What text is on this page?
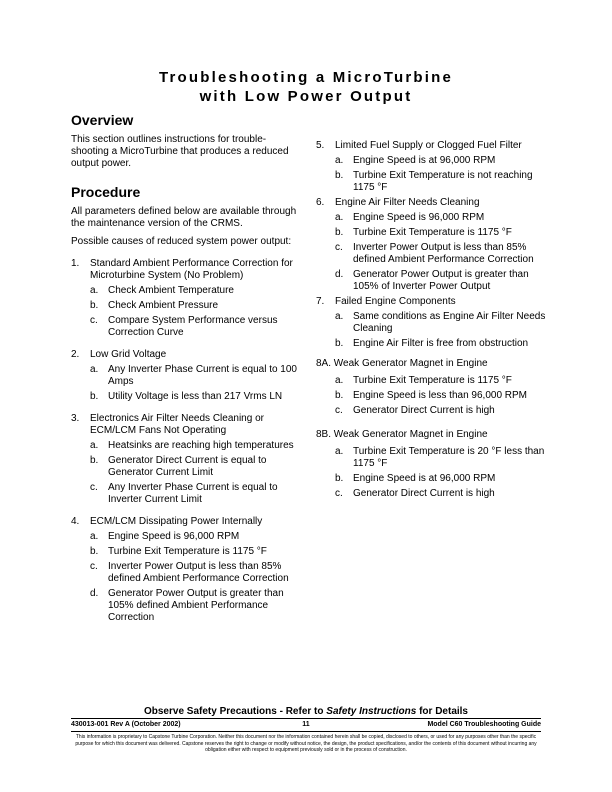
Troubleshooting a MicroTurbine
with Low Power Output
Overview

This section outlines instructions for trouble-shooting a MicroTurbine that produces a reduced output power.

Procedure

All parameters defined below are available through the maintenance version of the CRMS.

Possible causes of reduced system power output:

1. Standard Ambient Performance Correction for Microturbine System (No Problem)
a. Check Ambient Temperature
b. Check Ambient Pressure
c. Compare System Performance versus Correction Curve
2. Low Grid Voltage
a. Any Inverter Phase Current is equal to 100 Amps
b. Utility Voltage is less than 217 Vrms LN
3. Electronics Air Filter Needs Cleaning or ECM/LCM Fans Not Operating
a. Heatsinks are reaching high temperatures
b. Generator Direct Current is equal to Generator Current Limit
c. Any Inverter Phase Current is equal to Inverter Current Limit
4. ECM/LCM Dissipating Power Internally
a. Engine Speed is 96,000 RPM
b. Turbine Exit Temperature is 1175 °F
c. Inverter Power Output is less than 85% defined Ambient Performance Correction
d. Generator Power Output is greater than 105% defined Ambient Performance Correction
5. Limited Fuel Supply or Clogged Fuel Filter
a. Engine Speed is at 96,000 RPM
b. Turbine Exit Temperature is not reaching 1175 °F
6. Engine Air Filter Needs Cleaning
a. Engine Speed is 96,000 RPM
b. Turbine Exit Temperature is 1175 °F
c. Inverter Power Output is less than 85% defined Ambient Performance Correction
d. Generator Power Output is greater than 105% of Inverter Power Output
7. Failed Engine Components
a. Same conditions as Engine Air Filter Needs Cleaning
b. Engine Air Filter is free from obstruction
8A. Weak Generator Magnet in Engine
a. Turbine Exit Temperature is 1175 °F
b. Engine Speed is less than 96,000 RPM
c. Generator Direct Current is high
8B. Weak Generator Magnet in Engine
a. Turbine Exit Temperature is 20 °F less than 1175 °F
b. Engine Speed is at 96,000 RPM
c. Generator Direct Current is high
Observe Safety Precautions - Refer to Safety Instructions for Details
430013-001 Rev A (October 2002)	11	Model C60 Troubleshooting Guide
This information is proprietary to Capstone Turbine Corporation. Neither this document nor the information contained herein shall be copied, disclosed to others, or used for any purposes other than the specific purpose for which this document was delivered. Capstone reserves the right to change or modify without notice, the design, the product specifications, and/or the contents of this document without incurring any obligation either with respect to equipment previously sold or in the process of construction.
